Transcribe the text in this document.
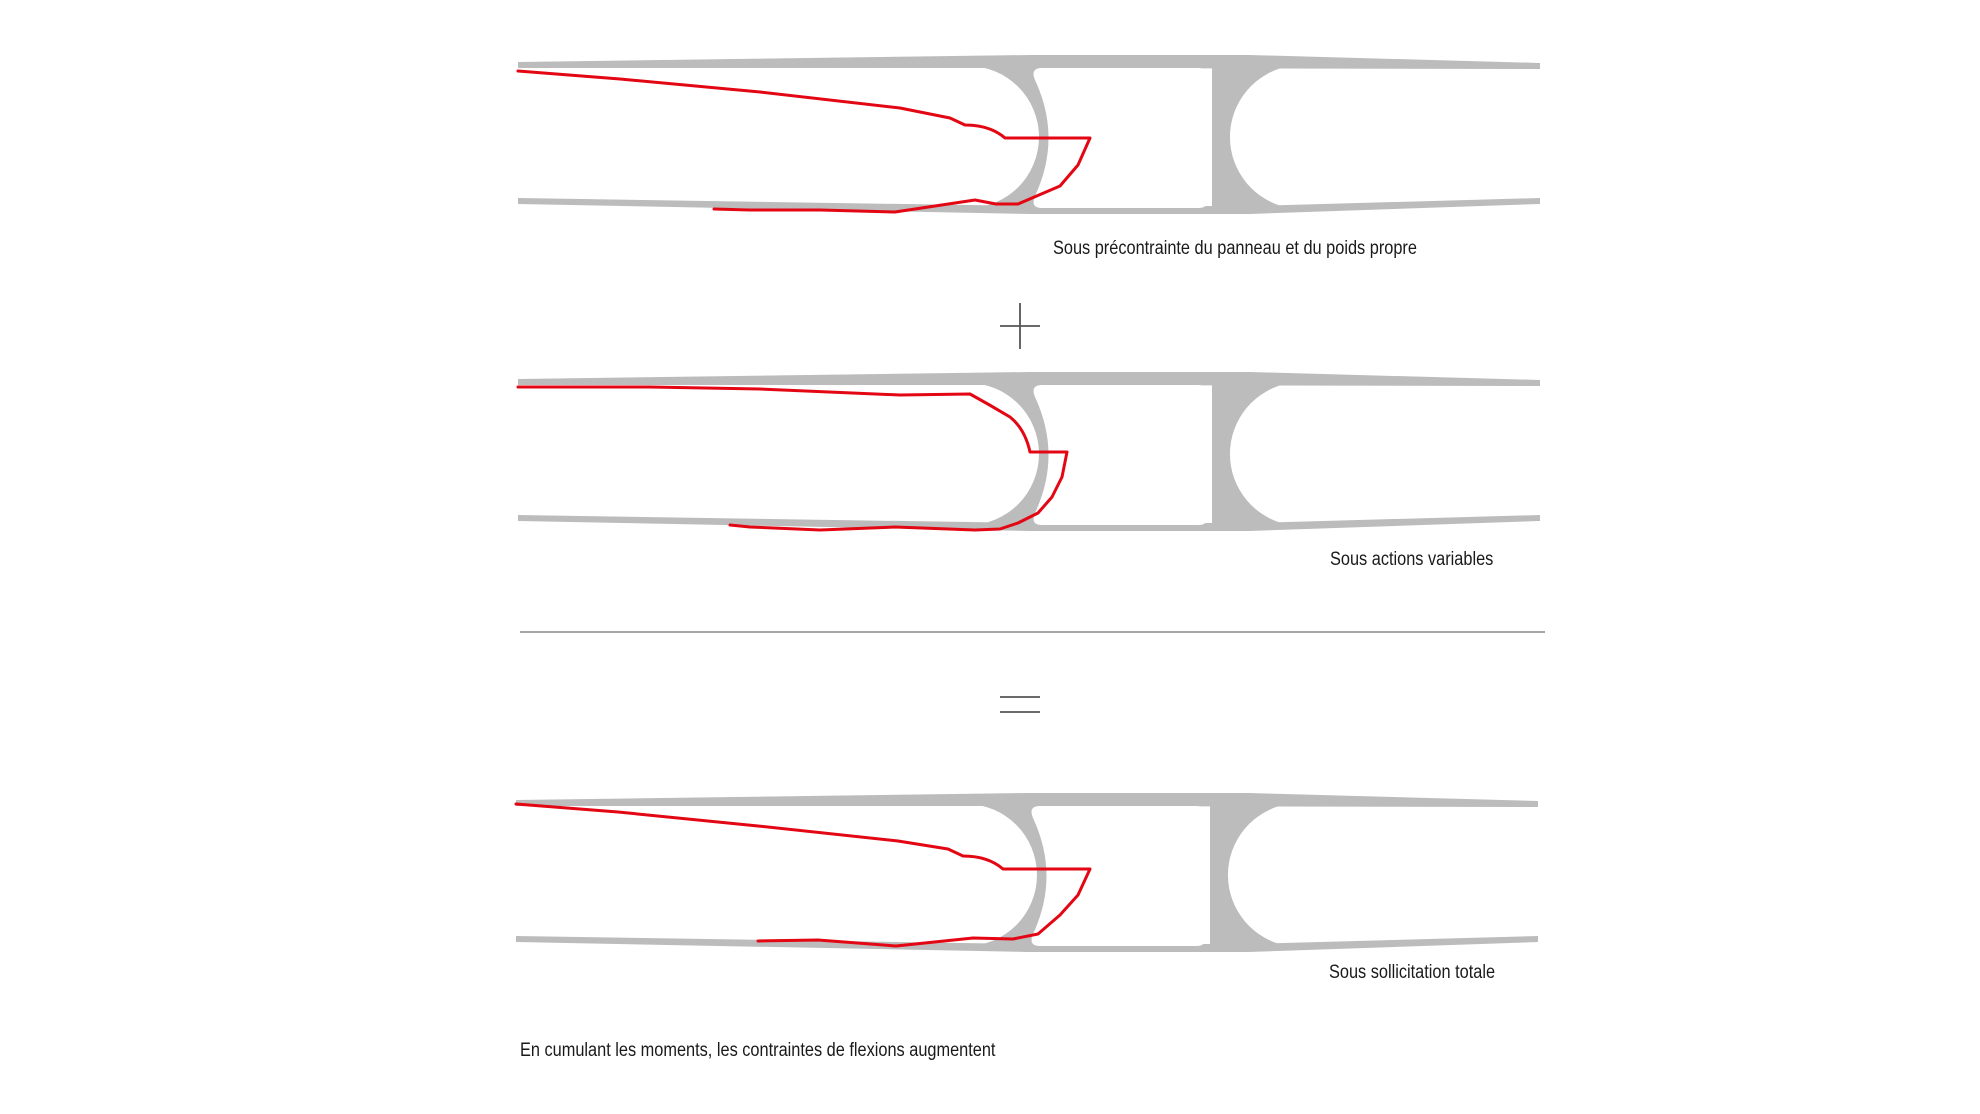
Sous précontrainte du panneau et du poids propre
Sous actions variables
Sous sollicitation totale
En cumulant les moments, les contraintes de flexions augmentent
